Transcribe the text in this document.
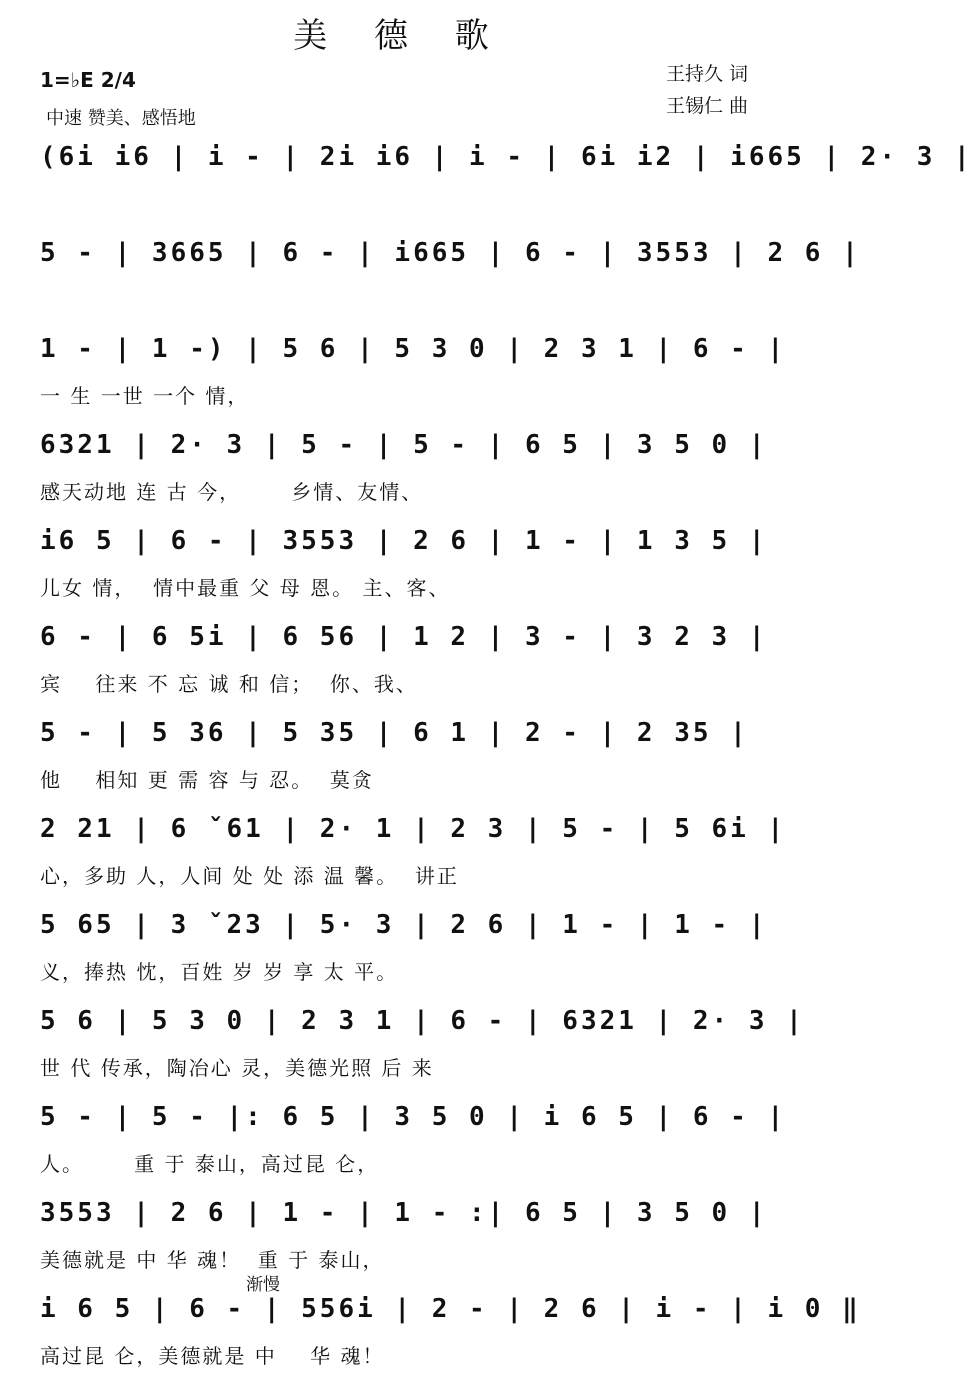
美 德 歌
王持久 词
王锡仁 曲
1=♭E 2/4
中速 赞美、感悟地
(6i i6 | i - | 2i i6 | i - | 6i i2 | i665 | 2· 3 |
5 - | 3665 | 6 - | i665 | 6 - | 3553 | 2 6 |
1 - | 1 -) | 5 6 | 5 3 0 | 2 3 1 | 6 - |
一 生 一世 一个 情，
6321 | 2· 3 | 5 - | 5 - | 6 5 | 3 5 0 |
感天动地 连 古 今，      乡情、友情、
i6 5 | 6 - | 3553 | 2 6 | 1 - | 1 3 5 |
儿女 情，  情中最重 父 母 恩。 主、客、
6 - | 6 5i | 6 56 | 1 2 | 3 - | 3 2 3 |
宾    往来 不 忘 诚 和 信；  你、我、
5 - | 5 36 | 5 35 | 6 1 | 2 - | 2 35 |
他    相知 更 需 容 与 忍。  莫贪
2 21 | 6 ˇ61 | 2· 1 | 2 3 | 5 - | 5 6i |
心，多助 人，人间 处 处 添 温 馨。  讲正
5 65 | 3 ˇ23 | 5· 3 | 2 6 | 1 - | 1 - |
义，捧热 忱，百姓 岁 岁 享 太 平。
5 6 | 5 3 0 | 2 3 1 | 6 - | 6321 | 2· 3 |
世 代 传承，陶冶心 灵，美德光照 后 来
5 - | 5 - |: 6 5 | 3 5 0 | i 6 5 | 6 - |
人。      重 于 泰山，高过昆 仑，
3553 | 2 6 | 1 - | 1 - :| 6 5 | 3 5 0 |
美德就是 中 华 魂！  重 于 泰山，
i 6 5 | 6 - | 556i | 2 - | 2 6 | i - | i 0 ‖
高过昆 仑，美德就是 中    华 魂！
渐慢
